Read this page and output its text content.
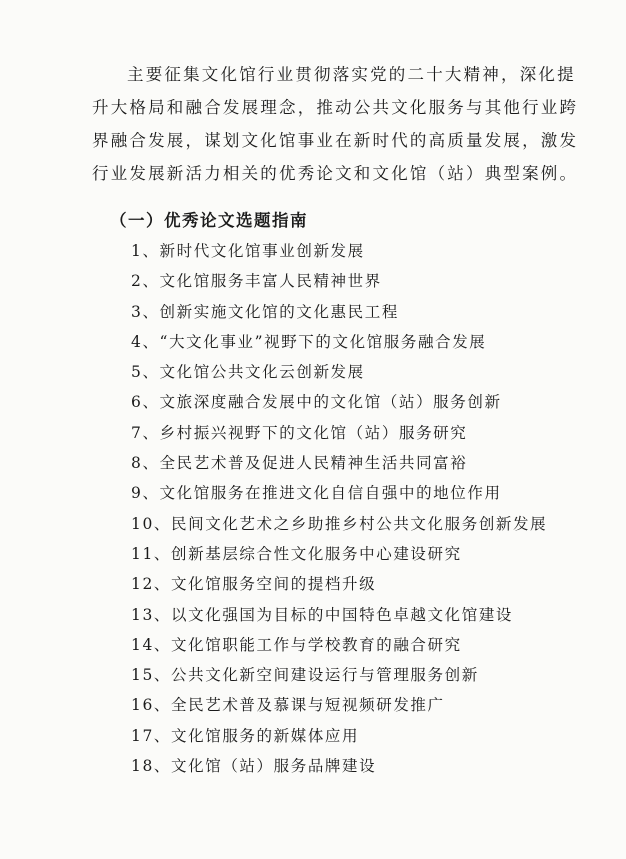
主要征集文化馆行业贯彻落实党的二十大精神，深化提
升大格局和融合发展理念，推动公共文化服务与其他行业跨
界融合发展，谋划文化馆事业在新时代的高质量发展，激发
行业发展新活力相关的优秀论文和文化馆（站）典型案例。
（一）优秀论文选题指南
1、新时代文化馆事业创新发展
2、文化馆服务丰富人民精神世界
3、创新实施文化馆的文化惠民工程
4、“大文化事业”视野下的文化馆服务融合发展
5、文化馆公共文化云创新发展
6、文旅深度融合发展中的文化馆（站）服务创新
7、乡村振兴视野下的文化馆（站）服务研究
8、全民艺术普及促进人民精神生活共同富裕
9、文化馆服务在推进文化自信自强中的地位作用
10、民间文化艺术之乡助推乡村公共文化服务创新发展
11、创新基层综合性文化服务中心建设研究
12、文化馆服务空间的提档升级
13、以文化强国为目标的中国特色卓越文化馆建设
14、文化馆职能工作与学校教育的融合研究
15、公共文化新空间建设运行与管理服务创新
16、全民艺术普及慕课与短视频研发推广
17、文化馆服务的新媒体应用
18、文化馆（站）服务品牌建设
